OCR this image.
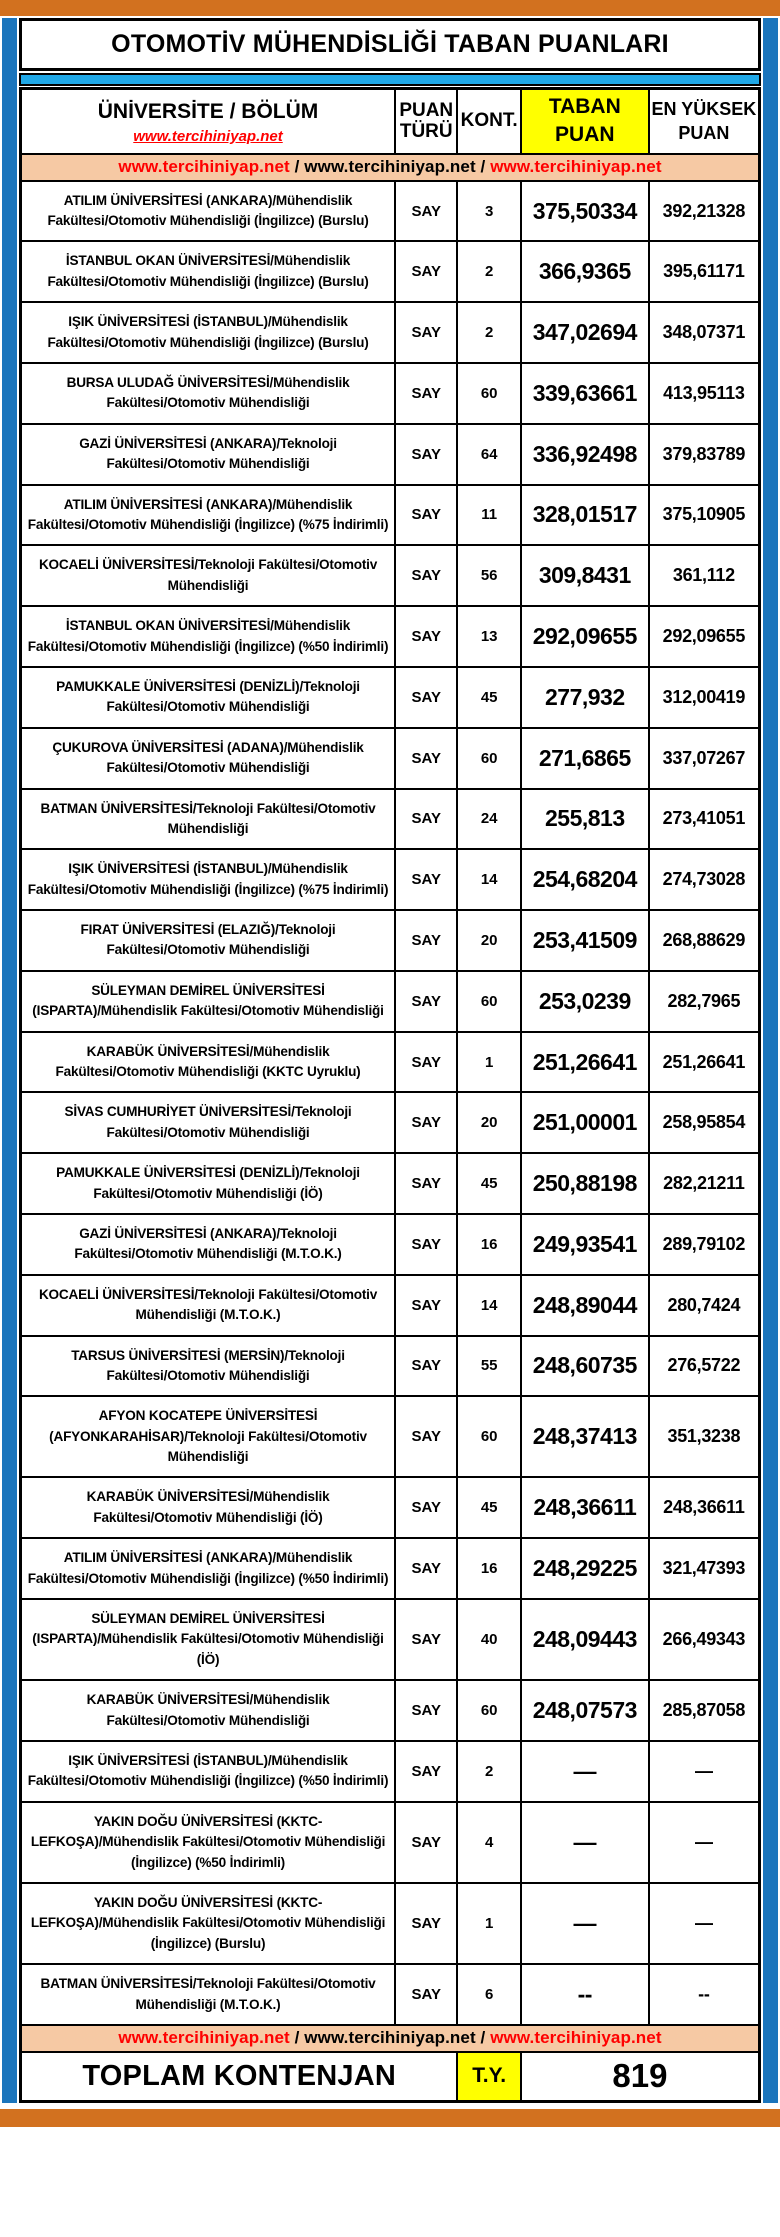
OTOMOTİV MÜHENDİSLİĞİ TABAN PUANLARI
ÜNİVERSİTE / BÖLÜM
www.tercihiniyap.net	PUAN TÜRÜ	KONT.	TABAN PUAN	EN YÜKSEK PUAN
www.tercihiniyap.net / www.tercihiniyap.net / www.tercihiniyap.net				
ATILIM ÜNİVERSİTESİ (ANKARA)/Mühendislik Fakültesi/Otomotiv Mühendisliği (İngilizce) (Burslu)	SAY	3	375,50334	392,21328
İSTANBUL OKAN ÜNİVERSİTESİ/Mühendislik Fakültesi/Otomotiv Mühendisliği (İngilizce) (Burslu)	SAY	2	366,9365	395,61171
IŞIK ÜNİVERSİTESİ (İSTANBUL)/Mühendislik Fakültesi/Otomotiv Mühendisliği (İngilizce) (Burslu)	SAY	2	347,02694	348,07371
BURSA ULUDAĞ ÜNİVERSİTESİ/Mühendislik Fakültesi/Otomotiv Mühendisliği	SAY	60	339,63661	413,95113
GAZİ ÜNİVERSİTESİ (ANKARA)/Teknoloji Fakültesi/Otomotiv Mühendisliği	SAY	64	336,92498	379,83789
ATILIM ÜNİVERSİTESİ (ANKARA)/Mühendislik Fakültesi/Otomotiv Mühendisliği (İngilizce) (%75 İndirimli)	SAY	11	328,01517	375,10905
KOCAELİ ÜNİVERSİTESİ/Teknoloji Fakültesi/Otomotiv Mühendisliği	SAY	56	309,8431	361,112
İSTANBUL OKAN ÜNİVERSİTESİ/Mühendislik Fakültesi/Otomotiv Mühendisliği (İngilizce) (%50 İndirimli)	SAY	13	292,09655	292,09655
PAMUKKALE ÜNİVERSİTESİ (DENİZLİ)/Teknoloji Fakültesi/Otomotiv Mühendisliği	SAY	45	277,932	312,00419
ÇUKUROVA ÜNİVERSİTESİ (ADANA)/Mühendislik Fakültesi/Otomotiv Mühendisliği	SAY	60	271,6865	337,07267
BATMAN ÜNİVERSİTESİ/Teknoloji Fakültesi/Otomotiv Mühendisliği	SAY	24	255,813	273,41051
IŞIK ÜNİVERSİTESİ (İSTANBUL)/Mühendislik Fakültesi/Otomotiv Mühendisliği (İngilizce) (%75 İndirimli)	SAY	14	254,68204	274,73028
FIRAT ÜNİVERSİTESİ (ELAZIĞ)/Teknoloji Fakültesi/Otomotiv Mühendisliği	SAY	20	253,41509	268,88629
SÜLEYMAN DEMİREL ÜNİVERSİTESİ (ISPARTA)/Mühendislik Fakültesi/Otomotiv Mühendisliği	SAY	60	253,0239	282,7965
KARABÜK ÜNİVERSİTESİ/Mühendislik Fakültesi/Otomotiv Mühendisliği (KKTC Uyruklu)	SAY	1	251,26641	251,26641
SİVAS CUMHURİYET ÜNİVERSİTESİ/Teknoloji Fakültesi/Otomotiv Mühendisliği	SAY	20	251,00001	258,95854
PAMUKKALE ÜNİVERSİTESİ (DENİZLİ)/Teknoloji Fakültesi/Otomotiv Mühendisliği (İÖ)	SAY	45	250,88198	282,21211
GAZİ ÜNİVERSİTESİ (ANKARA)/Teknoloji Fakültesi/Otomotiv Mühendisliği (M.T.O.K.)	SAY	16	249,93541	289,79102
KOCAELİ ÜNİVERSİTESİ/Teknoloji Fakültesi/Otomotiv Mühendisliği (M.T.O.K.)	SAY	14	248,89044	280,7424
TARSUS ÜNİVERSİTESİ (MERSİN)/Teknoloji Fakültesi/Otomotiv Mühendisliği	SAY	55	248,60735	276,5722
AFYON KOCATEPE ÜNİVERSİTESİ (AFYONKARAHİSAR)/Teknoloji Fakültesi/Otomotiv Mühendisliği	SAY	60	248,37413	351,3238
KARABÜK ÜNİVERSİTESİ/Mühendislik Fakültesi/Otomotiv Mühendisliği (İÖ)	SAY	45	248,36611	248,36611
ATILIM ÜNİVERSİTESİ (ANKARA)/Mühendislik Fakültesi/Otomotiv Mühendisliği (İngilizce) (%50 İndirimli)	SAY	16	248,29225	321,47393
SÜLEYMAN DEMİREL ÜNİVERSİTESİ (ISPARTA)/Mühendislik Fakültesi/Otomotiv Mühendisliği (İÖ)	SAY	40	248,09443	266,49343
KARABÜK ÜNİVERSİTESİ/Mühendislik Fakültesi/Otomotiv Mühendisliği	SAY	60	248,07573	285,87058
IŞIK ÜNİVERSİTESİ (İSTANBUL)/Mühendislik Fakültesi/Otomotiv Mühendisliği (İngilizce) (%50 İndirimli)	SAY	2	—	—
YAKIN DOĞU ÜNİVERSİTESİ (KKTC-LEFKOŞA)/Mühendislik Fakültesi/Otomotiv Mühendisliği (İngilizce) (%50 İndirimli)	SAY	4	—	—
YAKIN DOĞU ÜNİVERSİTESİ (KKTC-LEFKOŞA)/Mühendislik Fakültesi/Otomotiv Mühendisliği (İngilizce) (Burslu)	SAY	1	—	—
BATMAN ÜNİVERSİTESİ/Teknoloji Fakültesi/Otomotiv Mühendisliği (M.T.O.K.)	SAY	6	--	--
www.tercihiniyap.net / www.tercihiniyap.net / www.tercihiniyap.net				
TOPLAM KONTENJAN		T.Y.	819	
